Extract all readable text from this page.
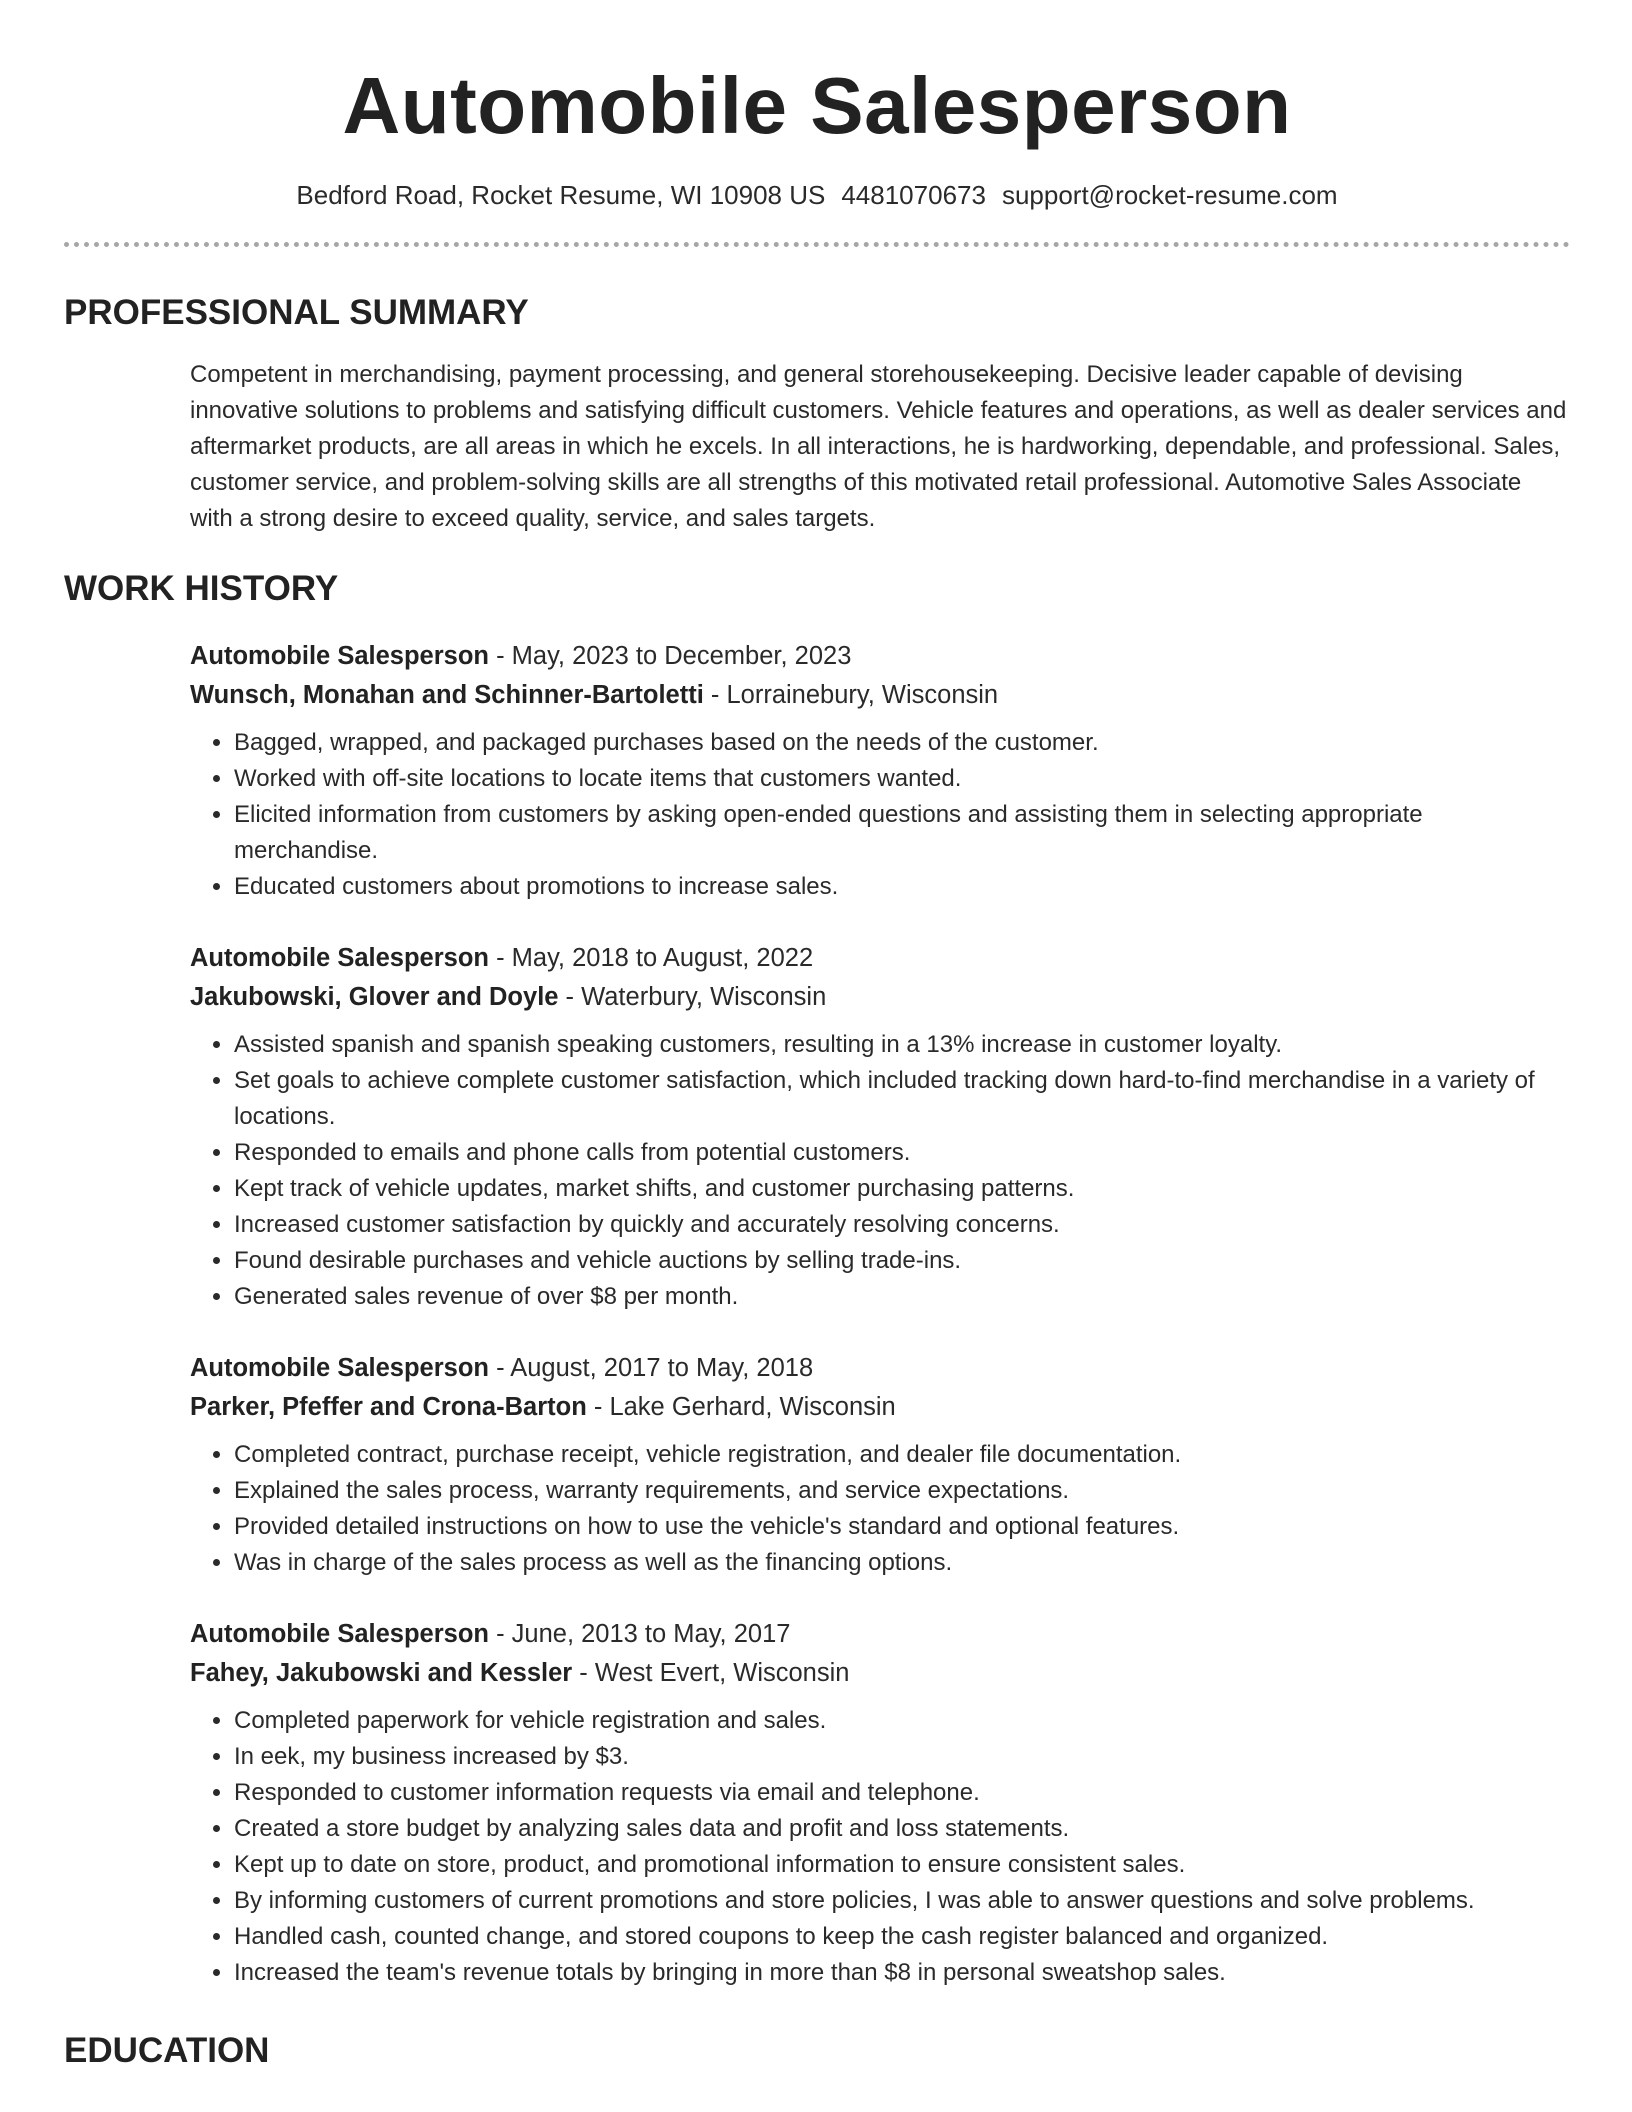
Automobile Salesperson
Bedford Road, Rocket Resume, WI 10908 US 4481070673 support@rocket-resume.com
PROFESSIONAL SUMMARY

Competent in merchandising, payment processing, and general storehousekeeping. Decisive leader capable of devising innovative solutions to problems and satisfying difficult customers. Vehicle features and operations, as well as dealer services and aftermarket products, are all areas in which he excels. In all interactions, he is hardworking, dependable, and professional. Sales, customer service, and problem-solving skills are all strengths of this motivated retail professional. Automotive Sales Associate with a strong desire to exceed quality, service, and sales targets.

WORK HISTORY
Automobile Salesperson - May, 2023 to December, 2023
Wunsch, Monahan and Schinner-Bartoletti - Lorrainebury, Wisconsin
• Bagged, wrapped, and packaged purchases based on the needs of the customer.
• Worked with off-site locations to locate items that customers wanted.
• Elicited information from customers by asking open-ended questions and assisting them in selecting appropriate merchandise.
• Educated customers about promotions to increase sales.
Automobile Salesperson - May, 2018 to August, 2022
Jakubowski, Glover and Doyle - Waterbury, Wisconsin
• Assisted spanish and spanish speaking customers, resulting in a 13% increase in customer loyalty.
• Set goals to achieve complete customer satisfaction, which included tracking down hard-to-find merchandise in a variety of locations.
• Responded to emails and phone calls from potential customers.
• Kept track of vehicle updates, market shifts, and customer purchasing patterns.
• Increased customer satisfaction by quickly and accurately resolving concerns.
• Found desirable purchases and vehicle auctions by selling trade-ins.
• Generated sales revenue of over $8 per month.
Automobile Salesperson - August, 2017 to May, 2018
Parker, Pfeffer and Crona-Barton - Lake Gerhard, Wisconsin
• Completed contract, purchase receipt, vehicle registration, and dealer file documentation.
• Explained the sales process, warranty requirements, and service expectations.
• Provided detailed instructions on how to use the vehicle's standard and optional features.
• Was in charge of the sales process as well as the financing options.
Automobile Salesperson - June, 2013 to May, 2017
Fahey, Jakubowski and Kessler - West Evert, Wisconsin
• Completed paperwork for vehicle registration and sales.
• In eek, my business increased by $3.
• Responded to customer information requests via email and telephone.
• Created a store budget by analyzing sales data and profit and loss statements.
• Kept up to date on store, product, and promotional information to ensure consistent sales.
• By informing customers of current promotions and store policies, I was able to answer questions and solve problems.
• Handled cash, counted change, and stored coupons to keep the cash register balanced and organized.
• Increased the team's revenue totals by bringing in more than $8 in personal sweatshop sales.
EDUCATION
